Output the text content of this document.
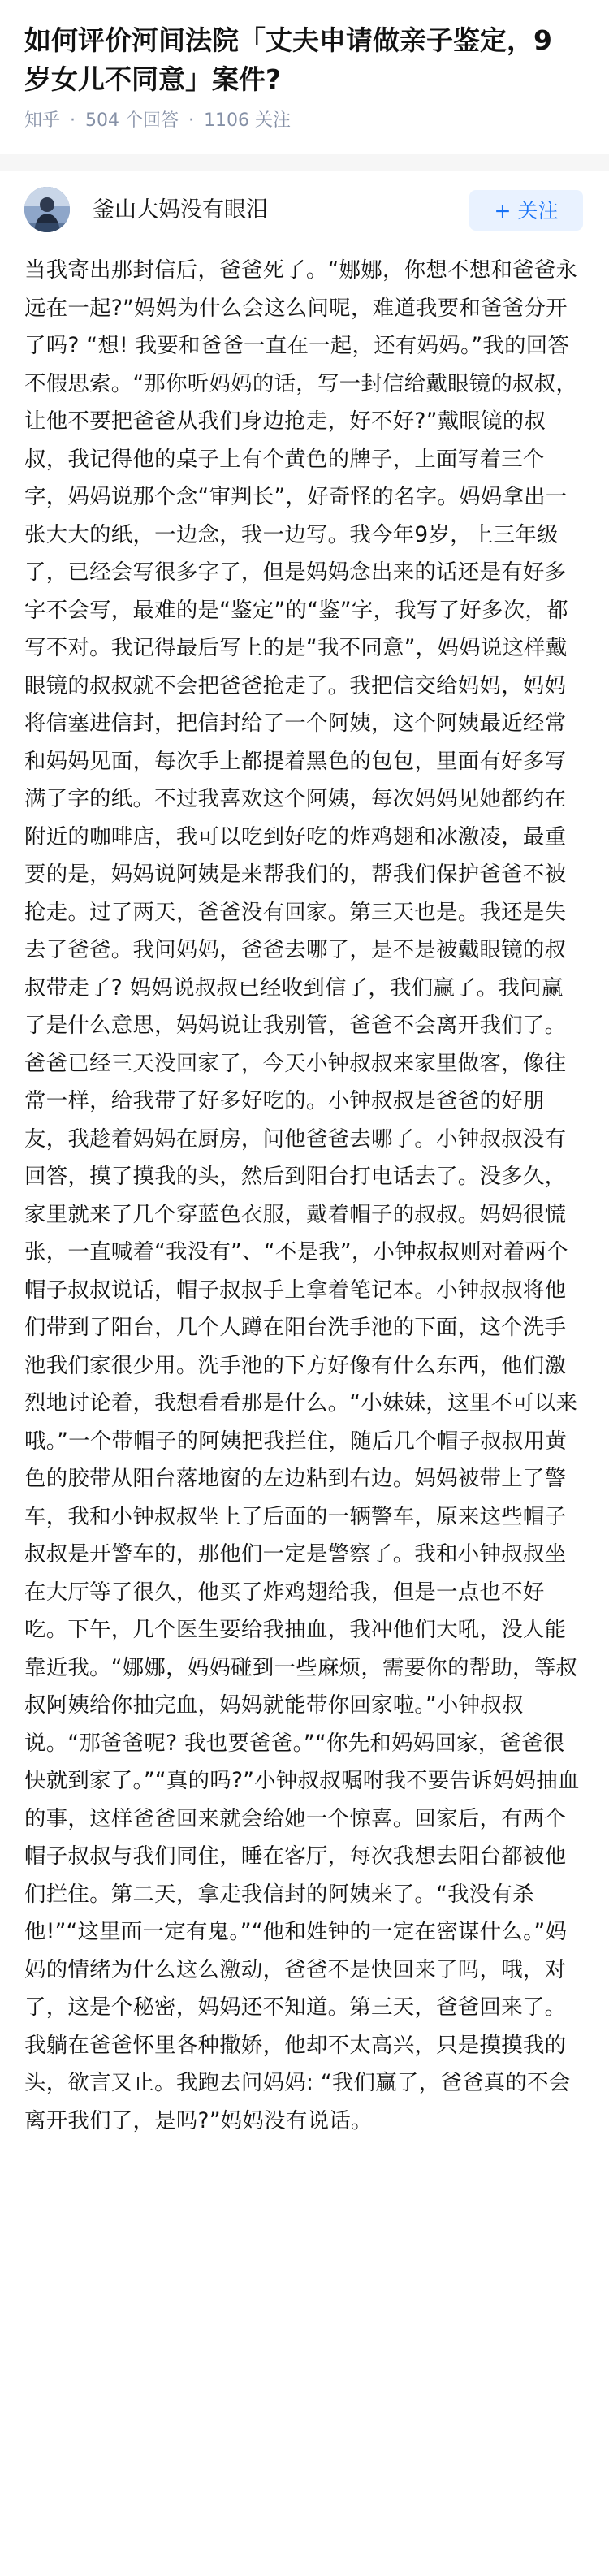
如何评价河间法院「丈夫申请做亲子鉴定，9 岁女儿不同意」案件?
知乎 · 504 个回答 · 1106 关注
釜山大妈没有眼泪	+ 关注

当我寄出那封信后，爸爸死了。“娜娜，你想不想和爸爸永远在一起?”妈妈为什么会这么问呢，难道我要和爸爸分开了吗? “想! 我要和爸爸一直在一起，还有妈妈。”我的回答不假思索。“那你听妈妈的话，写一封信给戴眼镜的叔叔，让他不要把爸爸从我们身边抢走，好不好?”戴眼镜的叔叔，我记得他的桌子上有个黄色的牌子，上面写着三个字，妈妈说那个念“审判长”，好奇怪的名字。妈妈拿出一张大大的纸，一边念，我一边写。我今年9岁，上三年级了，已经会写很多字了，但是妈妈念出来的话还是有好多字不会写，最难的是“鉴定”的“鉴”字，我写了好多次，都写不对。我记得最后写上的是“我不同意”，妈妈说这样戴眼镜的叔叔就不会把爸爸抢走了。我把信交给妈妈，妈妈将信塞进信封，把信封给了一个阿姨，这个阿姨最近经常和妈妈见面，每次手上都提着黑色的包包，里面有好多写满了字的纸。不过我喜欢这个阿姨，每次妈妈见她都约在附近的咖啡店，我可以吃到好吃的炸鸡翅和冰激凌，最重要的是，妈妈说阿姨是来帮我们的，帮我们保护爸爸不被抢走。过了两天，爸爸没有回家。第三天也是。我还是失去了爸爸。我问妈妈，爸爸去哪了，是不是被戴眼镜的叔叔带走了? 妈妈说叔叔已经收到信了，我们赢了。我问赢了是什么意思，妈妈说让我别管，爸爸不会离开我们了。爸爸已经三天没回家了，今天小钟叔叔来家里做客，像往常一样，给我带了好多好吃的。小钟叔叔是爸爸的好朋友，我趁着妈妈在厨房，问他爸爸去哪了。小钟叔叔没有回答，摸了摸我的头，然后到阳台打电话去了。没多久，家里就来了几个穿蓝色衣服，戴着帽子的叔叔。妈妈很慌张，一直喊着“我没有”、“不是我”，小钟叔叔则对着两个帽子叔叔说话，帽子叔叔手上拿着笔记本。小钟叔叔将他们带到了阳台，几个人蹲在阳台洗手池的下面，这个洗手池我们家很少用。洗手池的下方好像有什么东西，他们激烈地讨论着，我想看看那是什么。“小妹妹，这里不可以来哦。”一个带帽子的阿姨把我拦住，随后几个帽子叔叔用黄色的胶带从阳台落地窗的左边粘到右边。妈妈被带上了警车，我和小钟叔叔坐上了后面的一辆警车，原来这些帽子叔叔是开警车的，那他们一定是警察了。我和小钟叔叔坐在大厅等了很久，他买了炸鸡翅给我，但是一点也不好吃。下午，几个医生要给我抽血，我冲他们大吼，没人能靠近我。“娜娜，妈妈碰到一些麻烦，需要你的帮助，等叔叔阿姨给你抽完血，妈妈就能带你回家啦。”小钟叔叔说。“那爸爸呢? 我也要爸爸。”“你先和妈妈回家，爸爸很快就到家了。”“真的吗?”小钟叔叔嘱咐我不要告诉妈妈抽血的事，这样爸爸回来就会给她一个惊喜。回家后，有两个帽子叔叔与我们同住，睡在客厅，每次我想去阳台都被他们拦住。第二天，拿走我信封的阿姨来了。“我没有杀他!”“这里面一定有鬼。”“他和姓钟的一定在密谋什么。”妈妈的情绪为什么这么激动，爸爸不是快回来了吗，哦，对了，这是个秘密，妈妈还不知道。第三天，爸爸回来了。我躺在爸爸怀里各种撒娇，他却不太高兴，只是摸摸我的头，欲言又止。我跑去问妈妈: “我们赢了，爸爸真的不会离开我们了，是吗?”妈妈没有说话。
